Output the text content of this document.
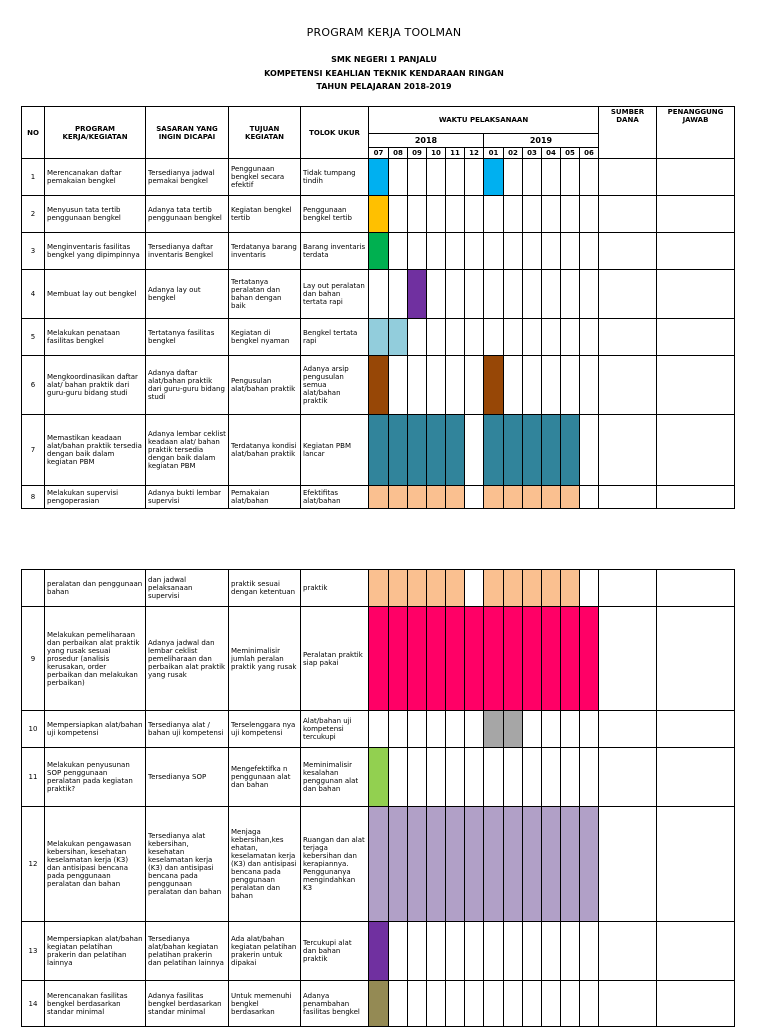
PROGRAM KERJA TOOLMAN
SMK NEGERI 1 PANJALU
KOMPETENSI KEAHLIAN TEKNIK KENDARAAN RINGAN
TAHUN PELAJARAN 2018-2019
NO	PROGRAM KERJA/KEGIATAN	SASARAN YANG INGIN DICAPAI	TUJUAN KEGIATAN	TOLOK UKUR	WAKTU PELAKSANAAN												SUMBER DANA	PENANGGUNG JAWAB
					2018						2019							
					07	08	09	10	11	12	01	02	03	04	05	06		
1	Merencanakan daftar pemakaian bengkel	Tersedianya jadwal pemakai bengkel	Penggunaan bengkel secara efektif	Tidak tumpang tindih														
2	Menyusun tata tertib penggunaan bengkel	Adanya tata tertib penggunaan bengkel	Kegiatan bengkel tertib	Penggunaan bengkel tertib														
3	Menginventaris fasilitas bengkel yang dipimpinnya	Tersedianya daftar inventaris Bengkel	Terdatanya barang inventaris	Barang inventaris terdata														
4	Membuat lay out bengkel	Adanya lay out bengkel	Tertatanya peralatan dan bahan dengan baik	Lay out peralatan dan bahan tertata rapi														
5	Melakukan penataan fasilitas bengkel	Tertatanya fasilitas bengkel	Kegiatan di bengkel nyaman	Bengkel tertata rapi														
6	Mengkoordinasikan daftar alat/ bahan praktik dari guru-guru bidang studi	Adanya daftar alat/bahan praktik dari guru-guru bidang studi	Pengusulan alat/bahan praktik	Adanya arsip pengusulan semua alat/bahan praktik														
7	Memastikan keadaan alat/bahan praktik tersedia dengan baik dalam kegiatan PBM	Adanya lembar ceklist keadaan alat/ bahan praktik tersedia dengan baik dalam kegiatan PBM	Terdatanya kondisi alat/bahan praktik	Kegiatan PBM lancar														
8	Melakukan supervisi pengoperasian	Adanya bukti lembar supervisi	Pemakaian alat/bahan	Efektifitas alat/bahan														
	peralatan dan penggunaan bahan	dan jadwal pelaksanaan supervisi	praktik sesuai dengan ketentuan	praktik														
9	Melakukan pemeliharaan dan perbaikan alat praktik yang rusak sesuai prosedur (analisis kerusakan, order perbaikan dan melakukan perbaikan)	Adanya jadwal dan lembar ceklist pemeliharaan dan perbaikan alat praktik yang rusak	Meminimalisir jumlah peralan praktik yang rusak	Peralatan praktik siap pakai														
10	Mempersiapkan alat/bahan uji kompetensi	Tersedianya alat / bahan uji kompetensi	Terselenggara nya uji kompetensi	Alat/bahan uji kompetensi tercukupi														
11	Melakukan penyusunan SOP penggunaan peralatan pada kegiatan praktik?	Tersedianya SOP	Mengefektifka n penggunaan alat dan bahan	Meminimalisir kesalahan penggunan alat dan bahan														
12	Melakukan pengawasan kebersihan, kesehatan keselamatan kerja (K3) dan antisipasi bencana pada penggunaan peralatan dan bahan	Tersedianya alat kebersihan, kesehatan keselamatan kerja (K3) dan antisipasi bencana pada penggunaan peralatan dan bahan	Menjaga kebersihan,kes ehatan, keselamatan kerja (K3) dan antisipasi bencana pada penggunaan peralatan dan bahan	Ruangan dan alat terjaga kebersihan dan kerapiannya. Penggunanya mengindahkan K3														
13	Mempersiapkan alat/bahan kegiatan pelatihan prakerin dan pelatihan lainnya	Tersedianya alat/bahan kegiatan pelatihan prakerin dan pelatihan lainnya	Ada alat/bahan kegiatan pelatihan prakerin untuk dipakai	Tercukupi alat dan bahan praktik														
14	Merencanakan fasilitas bengkel berdasarkan standar minimal	Adanya fasilitas bengkel berdasarkan standar minimal	Untuk memenuhi bengkel berdasarkan	Adanya penambahan fasilitas bengkel														
